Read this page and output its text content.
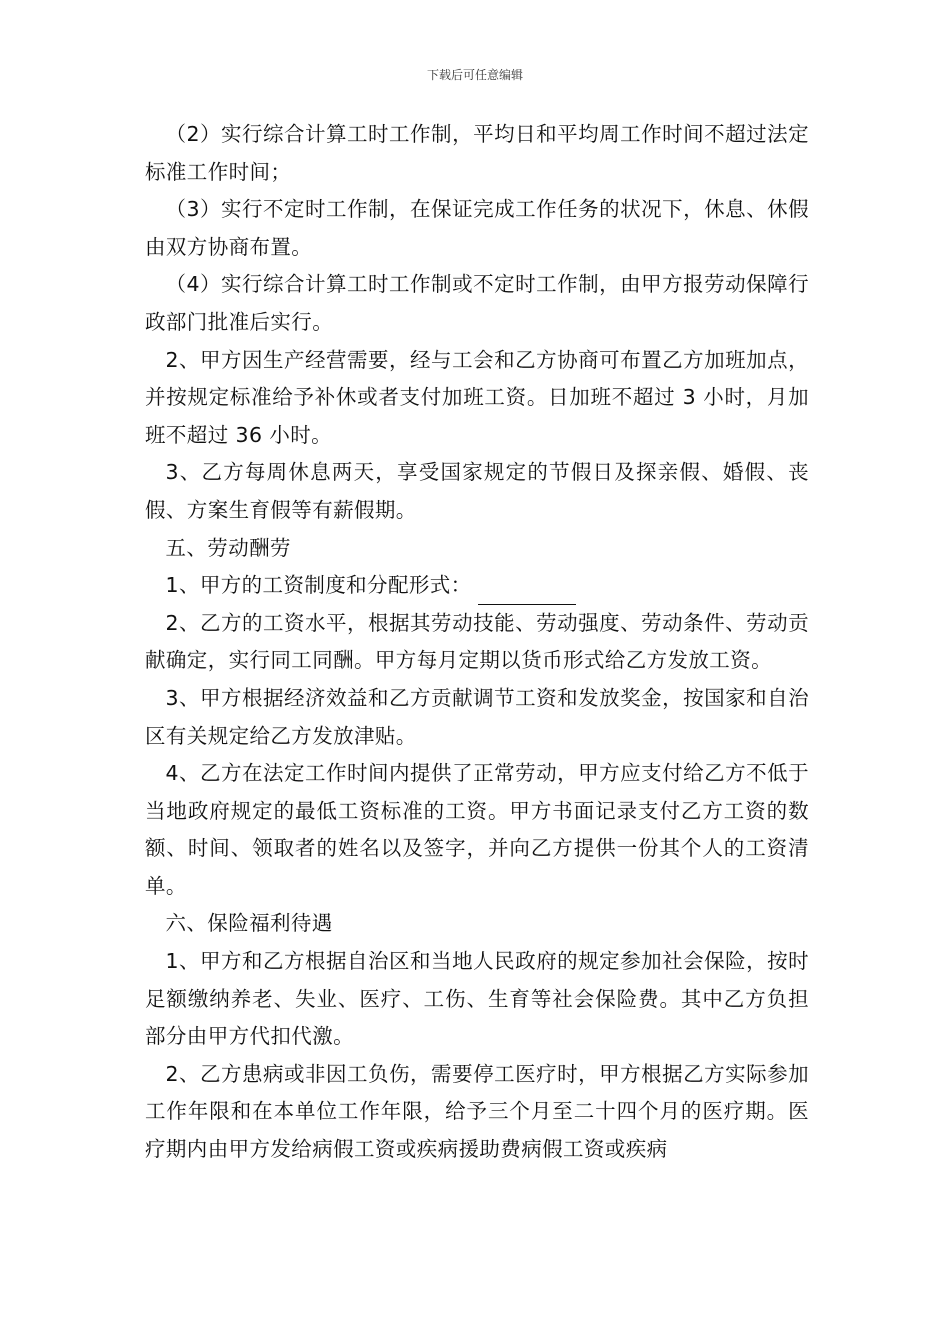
下载后可任意编辑

（2）实行综合计算工时工作制，平均日和平均周工作时间不超过法定标准工作时间；

（3）实行不定时工作制，在保证完成工作任务的状况下，休息、休假由双方协商布置。

（4）实行综合计算工时工作制或不定时工作制，由甲方报劳动保障行政部门批准后实行。

2、甲方因生产经营需要，经与工会和乙方协商可布置乙方加班加点，并按规定标准给予补休或者支付加班工资。日加班不超过 3 小时，月加班不超过 36 小时。

3、乙方每周休息两天，享受国家规定的节假日及探亲假、婚假、丧假、方案生育假等有薪假期。

五、劳动酬劳

1、甲方的工资制度和分配形式：

2、乙方的工资水平，根据其劳动技能、劳动强度、劳动条件、劳动贡献确定，实行同工同酬。甲方每月定期以货币形式给乙方发放工资。

3、甲方根据经济效益和乙方贡献调节工资和发放奖金，按国家和自治区有关规定给乙方发放津贴。

4、乙方在法定工作时间内提供了正常劳动，甲方应支付给乙方不低于当地政府规定的最低工资标准的工资。甲方书面记录支付乙方工资的数额、时间、领取者的姓名以及签字，并向乙方提供一份其个人的工资清单。

六、保险福利待遇

1、甲方和乙方根据自治区和当地人民政府的规定参加社会保险，按时足额缴纳养老、失业、医疗、工伤、生育等社会保险费。其中乙方负担部分由甲方代扣代激。

2、乙方患病或非因工负伤，需要停工医疗时，甲方根据乙方实际参加工作年限和在本单位工作年限，给予三个月至二十四个月的医疗期。医疗期内由甲方发给病假工资或疾病援助费病假工资或疾病
